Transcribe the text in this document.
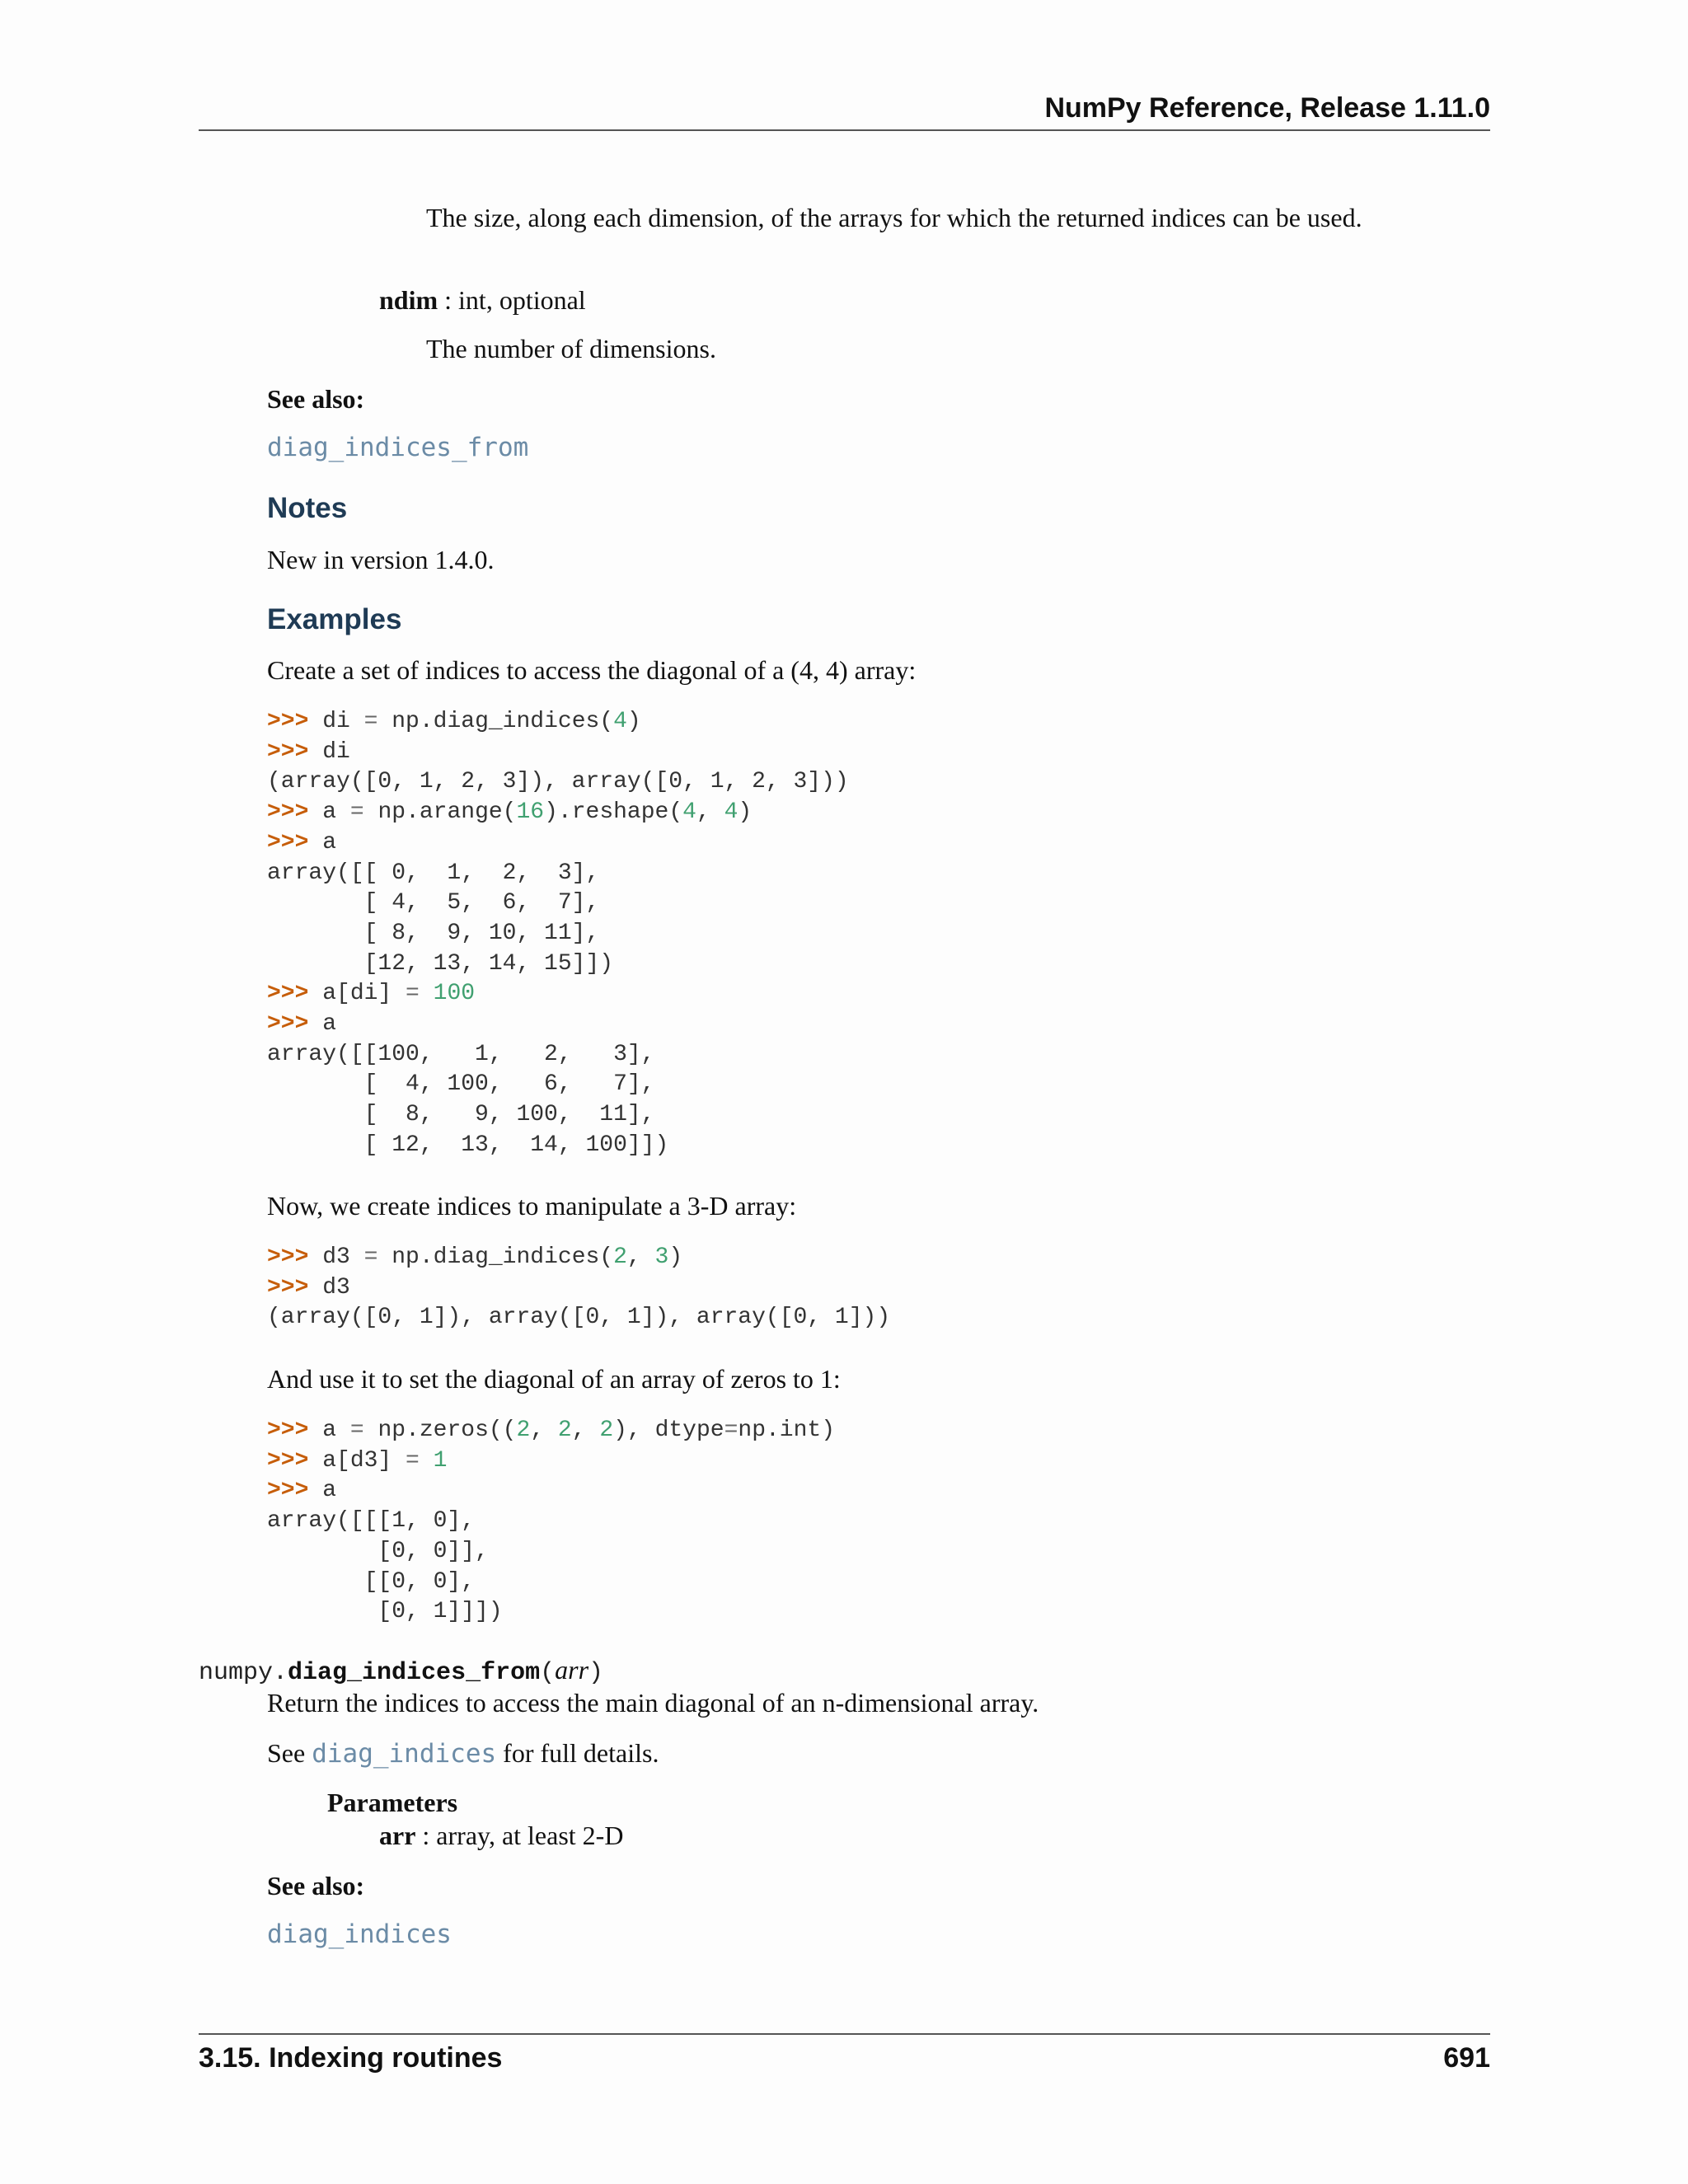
NumPy Reference, Release 1.11.0
The size, along each dimension, of the arrays for which the returned indices can be used.
ndim : int, optional
The number of dimensions.
See also:
diag_indices_from
Notes
New in version 1.4.0.
Examples
Create a set of indices to access the diagonal of a (4, 4) array:
>>> di = np.diag_indices(4)
>>> di
(array([0, 1, 2, 3]), array([0, 1, 2, 3]))
>>> a = np.arange(16).reshape(4, 4)
>>> a
array([[ 0,  1,  2,  3],
[ 4,  5,  6,  7],
[ 8,  9, 10, 11],
[12, 13, 14, 15]])
>>> a[di] = 100
>>> a
array([[100,   1,   2,   3],
[  4, 100,   6,   7],
[  8,   9, 100,  11],
[ 12,  13,  14, 100]])
Now, we create indices to manipulate a 3-D array:
>>> d3 = np.diag_indices(2, 3)
>>> d3
(array([0, 1]), array([0, 1]), array([0, 1]))
And use it to set the diagonal of an array of zeros to 1:
>>> a = np.zeros((2, 2, 2), dtype=np.int)
>>> a[d3] = 1
>>> a
array([[[1, 0],
[0, 0]],
[[0, 0],
[0, 1]]])
numpy.diag_indices_from(arr)
Return the indices to access the main diagonal of an n-dimensional array.
See diag_indices for full details.
Parameters
arr : array, at least 2-D
See also:
diag_indices
3.15. Indexing routines	691
